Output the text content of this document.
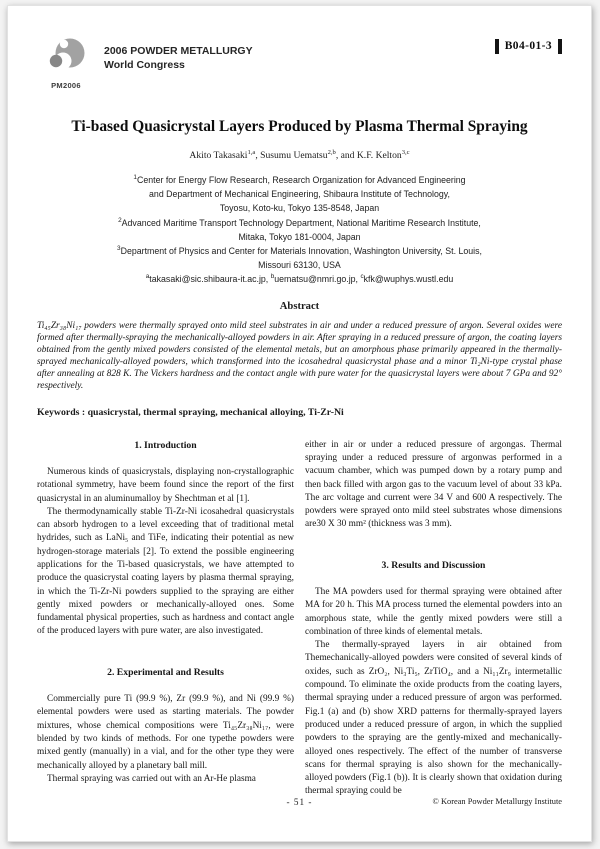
PM2006
2006 POWDER METALLURGY
World Congress
B04-01-3
Ti-based Quasicrystal Layers Produced by Plasma Thermal Spraying
Akito Takasaki$^{1,a}$, Susumu Uematsu$^{2,b}$, and K.F. Kelton$^{3,c}$
$^1$Center for Energy Flow Research, Research Organization for Advanced Engineering
and Department of Mechanical Engineering, Shibaura Institute of Technology,
Toyosu, Koto-ku, Tokyo 135-8548, Japan
$^2$Advanced Maritime Transport Technology Department, National Maritime Research Institute,
Mitaka, Tokyo 181-0004, Japan
$^3$Department of Physics and Center for Materials Innovation, Washington University, St. Louis,
Missouri 63130, USA
$^a$takasaki@sic.shibaura-it.ac.jp, $^b$uematsu@nmri.go.jp, $^c$kfk@wuphys.wustl.edu
Abstract
Ti₄₅Zr₃₈Ni₁₇ powders were thermally sprayed onto mild steel substrates in air and under a reduced pressure of argon. Several oxides were formed after thermally-spraying the mechanically-alloyed powders in air. After spraying in a reduced pressure of argon, the coating layers obtained from the gently mixed powders consisted of the elemental metals, but an amorphous phase primarily appeared in the thermally-sprayed mechanically-alloyed powders, which transformed into the icosahedral quasicrystal phase and a minor Ti₂Ni-type crystal phase after annealing at 828 K. The Vickers hardness and the contact angle with pure water for the quasicrystal layers were about 7 GPa and 92° respectively.
Keywords : quasicrystal, thermal spraying, mechanical alloying, Ti-Zr-Ni

1. Introduction

Numerous kinds of quasicrystals, displaying non-crystallographic rotational symmetry, have beem found since the report of the first quasicrystal in an aluminumalloy by Shechtman et al [1].

The thermodynamically stable Ti-Zr-Ni icosahedral quasicrystals can absorb hydrogen to a level exceeding that of traditional metal hydrides, such as LaNi₅ and TiFe, indicating their potential as new hydrogen-storage materials [2]. To extend the possible engineering applications for the Ti-based quasicrystals, we have attempted to produce the quasicrystal coating layers by plasma thermal spraying, in which the Ti-Zr-Ni powders supplied to the spraying are either gently mixed powders or mechanically-alloyed ones. Some fundamental physical properties, such as hardness and contact angle of the produced layers with pure water, are also investigated.

2. Experimental and Results

Commercially pure Ti (99.9 %), Zr (99.9 %), and Ni (99.9 %) elemental powders were used as starting materials. The powder mixtures, whose chemical compositions were Ti₄₅Zr₃₈Ni₁₇, were blended by two kinds of methods. For one typethe powders were mixed gently (manually) in a vial, and for the other type they were mechanically alloyed by a planetary ball mill.

Thermal spraying was carried out with an Ar-He plasma

either in air or under a reduced pressure of argongas. Thermal spraying under a reduced pressure of argonwas performed in a vacuum chamber, which was pumped down by a rotary pump and then back filled with argon gas to the vacuum level of about 33 kPa. The arc voltage and current were 34 V and 600 A respectively. The powders were sprayed onto mild steel substrates whose dimensions are30 X 30 mm² (thickness was 3 mm).

3. Results and Discussion

The MA powders used for thermal spraying were obtained after MA for 20 h. This MA process turned the elemental powders into an amorphous state, while the gently mixed powders were still a combination of three kinds of elemental metals.

The thermally-sprayed layers in air obtained from Themechanically-alloyed powders were consited of several kinds of oxides, such as ZrO₂, Ni₃Ti₅, ZrTiO₄, and a Ni₁₁Zr₉ intermetallic compound. To eliminate the oxide products from the coating layers, thermal spraying under a reduced pressure of argon was performed. Fig.1 (a) and (b) show XRD patterns for thermally-sprayed layers produced under a reduced pressure of argon, in which the supplied powders to the spraying are the gently-mixed and mechanically-alloyed ones respectively. The effect of the number of transverse scans for thermal spraying is also shown for the mechanically-alloyed powders (Fig.1 (b)). It is clearly shown that oxidation during thermal spraying could be

- 51 -	© Korean Powder Metallurgy Institute
